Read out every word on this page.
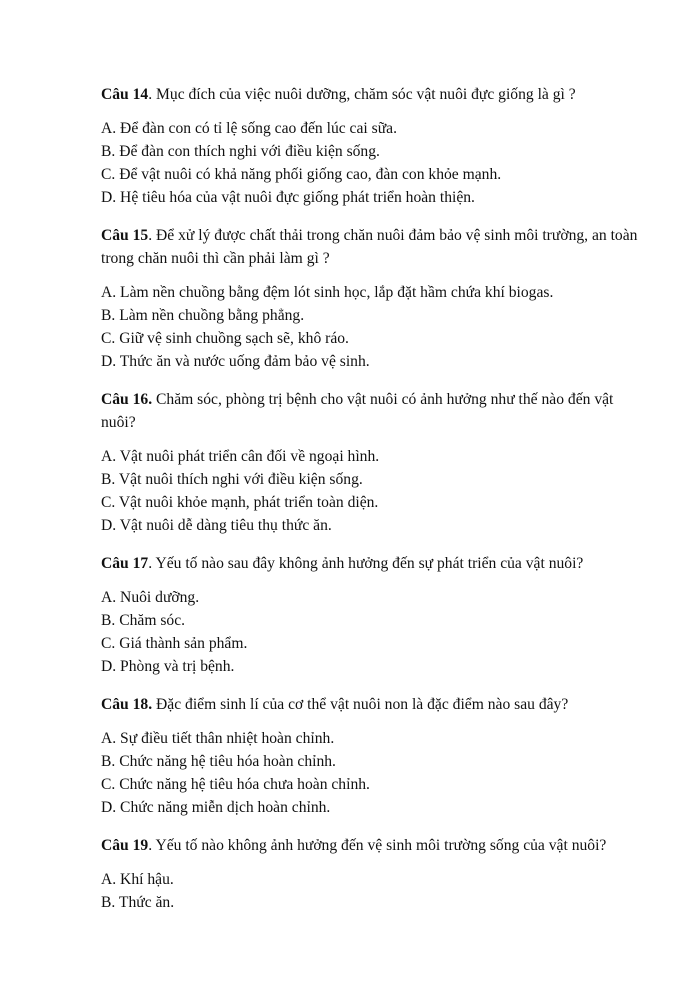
Câu 14. Mục đích của việc nuôi dưỡng, chăm sóc vật nuôi đực giống là gì ?

A. Để đàn con có tỉ lệ sống cao đến lúc cai sữa.

B. Để đàn con thích nghi với điều kiện sống.

C. Để vật nuôi có khả năng phối giống cao, đàn con khỏe mạnh.

D. Hệ tiêu hóa của vật nuôi đực giống phát triển hoàn thiện.

Câu 15. Để xử lý được chất thải trong chăn nuôi đảm bảo vệ sinh môi trường, an toàn trong chăn nuôi thì cần phải làm gì ?

A. Làm nền chuồng bằng đệm lót sinh học, lắp đặt hầm chứa khí biogas.

B. Làm nền chuồng bằng phẳng.

C. Giữ vệ sinh chuồng sạch sẽ, khô ráo.

D. Thức ăn và nước uống đảm bảo vệ sinh.

Câu 16. Chăm sóc, phòng trị bệnh cho vật nuôi có ảnh hưởng như thế nào đến vật nuôi?

A. Vật nuôi phát triển cân đối về ngoại hình.

B. Vật nuôi thích nghi với điều kiện sống.

C. Vật nuôi khỏe mạnh, phát triển toàn diện.

D. Vật nuôi dễ dàng tiêu thụ thức ăn.

Câu 17. Yếu tố nào sau đây không ảnh hưởng đến sự phát triển của vật nuôi?

A. Nuôi dưỡng.

B. Chăm sóc.

C. Giá thành sản phẩm.

D. Phòng và trị bệnh.

Câu 18. Đặc điểm sinh lí của cơ thể vật nuôi non là đặc điểm nào sau đây?

A. Sự điều tiết thân nhiệt hoàn chỉnh.

B. Chức năng hệ tiêu hóa hoàn chỉnh.

C. Chức năng hệ tiêu hóa chưa hoàn chỉnh.

D. Chức năng miễn dịch hoàn chỉnh.

Câu 19. Yếu tố nào không ảnh hưởng đến vệ sinh môi trường sống của vật nuôi?

A. Khí hậu.

B. Thức ăn.
